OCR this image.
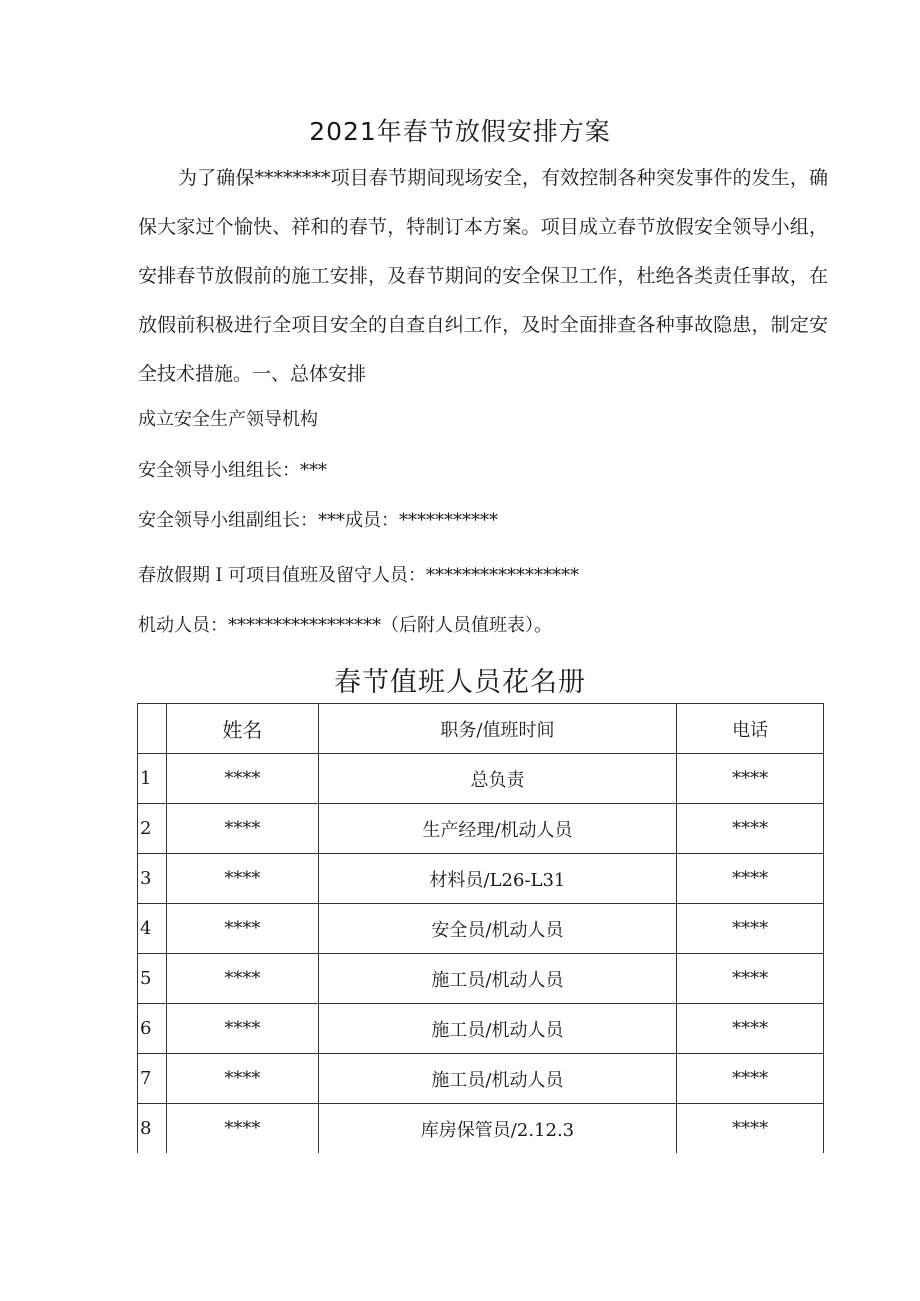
2021年春节放假安排方案

为了确保********项目春节期间现场安全，有效控制各种突发事件的发生，确保大家过个愉快、祥和的春节，特制订本方案。项目成立春节放假安全领导小组，安排春节放假前的施工安排，及春节期间的安全保卫工作，杜绝各类责任事故，在放假前积极进行全项目安全的自查自纠工作，及时全面排查各种事故隐患，制定安全技术措施。一、总体安排

成立安全生产领导机构

安全领导小组组长：***

安全领导小组副组长：***成员：***********

春放假期Ｉ可项目值班及留守人员：*****************

机动人员：*****************（后附人员值班表）。

春节值班人员花名册
	姓名	职务/值班时间	电话
1	****	总负责	****
2	****	生产经理/机动人员	****
3	****	材料员/L26-L31	****
4	****	安全员/机动人员	****
5	****	施工员/机动人员	****
6	****	施工员/机动人员	****
7	****	施工员/机动人员	****
8	****	库房保管员/2.12.3	****
